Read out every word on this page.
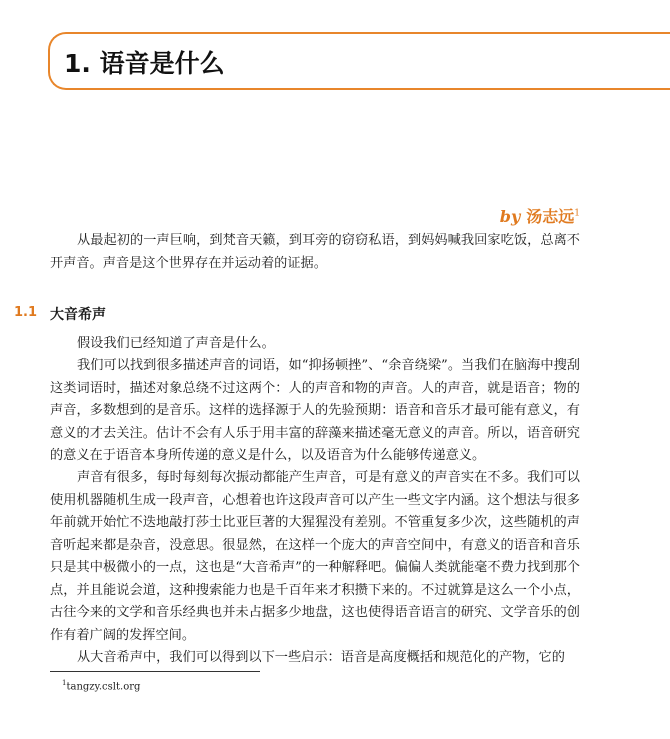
1. 语音是什么
by 汤志远$^1$

从最起初的一声巨响，到梵音天籁，到耳旁的窃窃私语，到妈妈喊我回家吃饭，总离不开声音。声音是这个世界存在并运动着的证据。

1.1 大音希声

假设我们已经知道了声音是什么。

我们可以找到很多描述声音的词语，如“抑扬顿挫”、“余音绕梁”。当我们在脑海中搜刮这类词语时，描述对象总绕不过这两个：人的声音和物的声音。人的声音，就是语音；物的声音，多数想到的是音乐。这样的选择源于人的先验预期：语音和音乐才最可能有意义，有意义的才去关注。估计不会有人乐于用丰富的辞藻来描述毫无意义的声音。所以，语音研究的意义在于语音本身所传递的意义是什么，以及语音为什么能够传递意义。

声音有很多，每时每刻每次振动都能产生声音，可是有意义的声音实在不多。我们可以使用机器随机生成一段声音，心想着也许这段声音可以产生一些文字内涵。这个想法与很多年前就开始忙不迭地敲打莎士比亚巨著的大猩猩没有差别。不管重复多少次，这些随机的声音听起来都是杂音，没意思。很显然，在这样一个庞大的声音空间中，有意义的语音和音乐只是其中极微小的一点，这也是“大音希声”的一种解释吧。偏偏人类就能毫不费力找到那个点，并且能说会道，这种搜索能力也是千百年来才积攒下来的。不过就算是这么一个小点，古往今来的文学和音乐经典也并未占据多少地盘，这也使得语音语言的研究、文学音乐的创作有着广阔的发挥空间。

从大音希声中，我们可以得到以下一些启示：语音是高度概括和规范化的产物，它的

$^1$tangzy.cslt.org
